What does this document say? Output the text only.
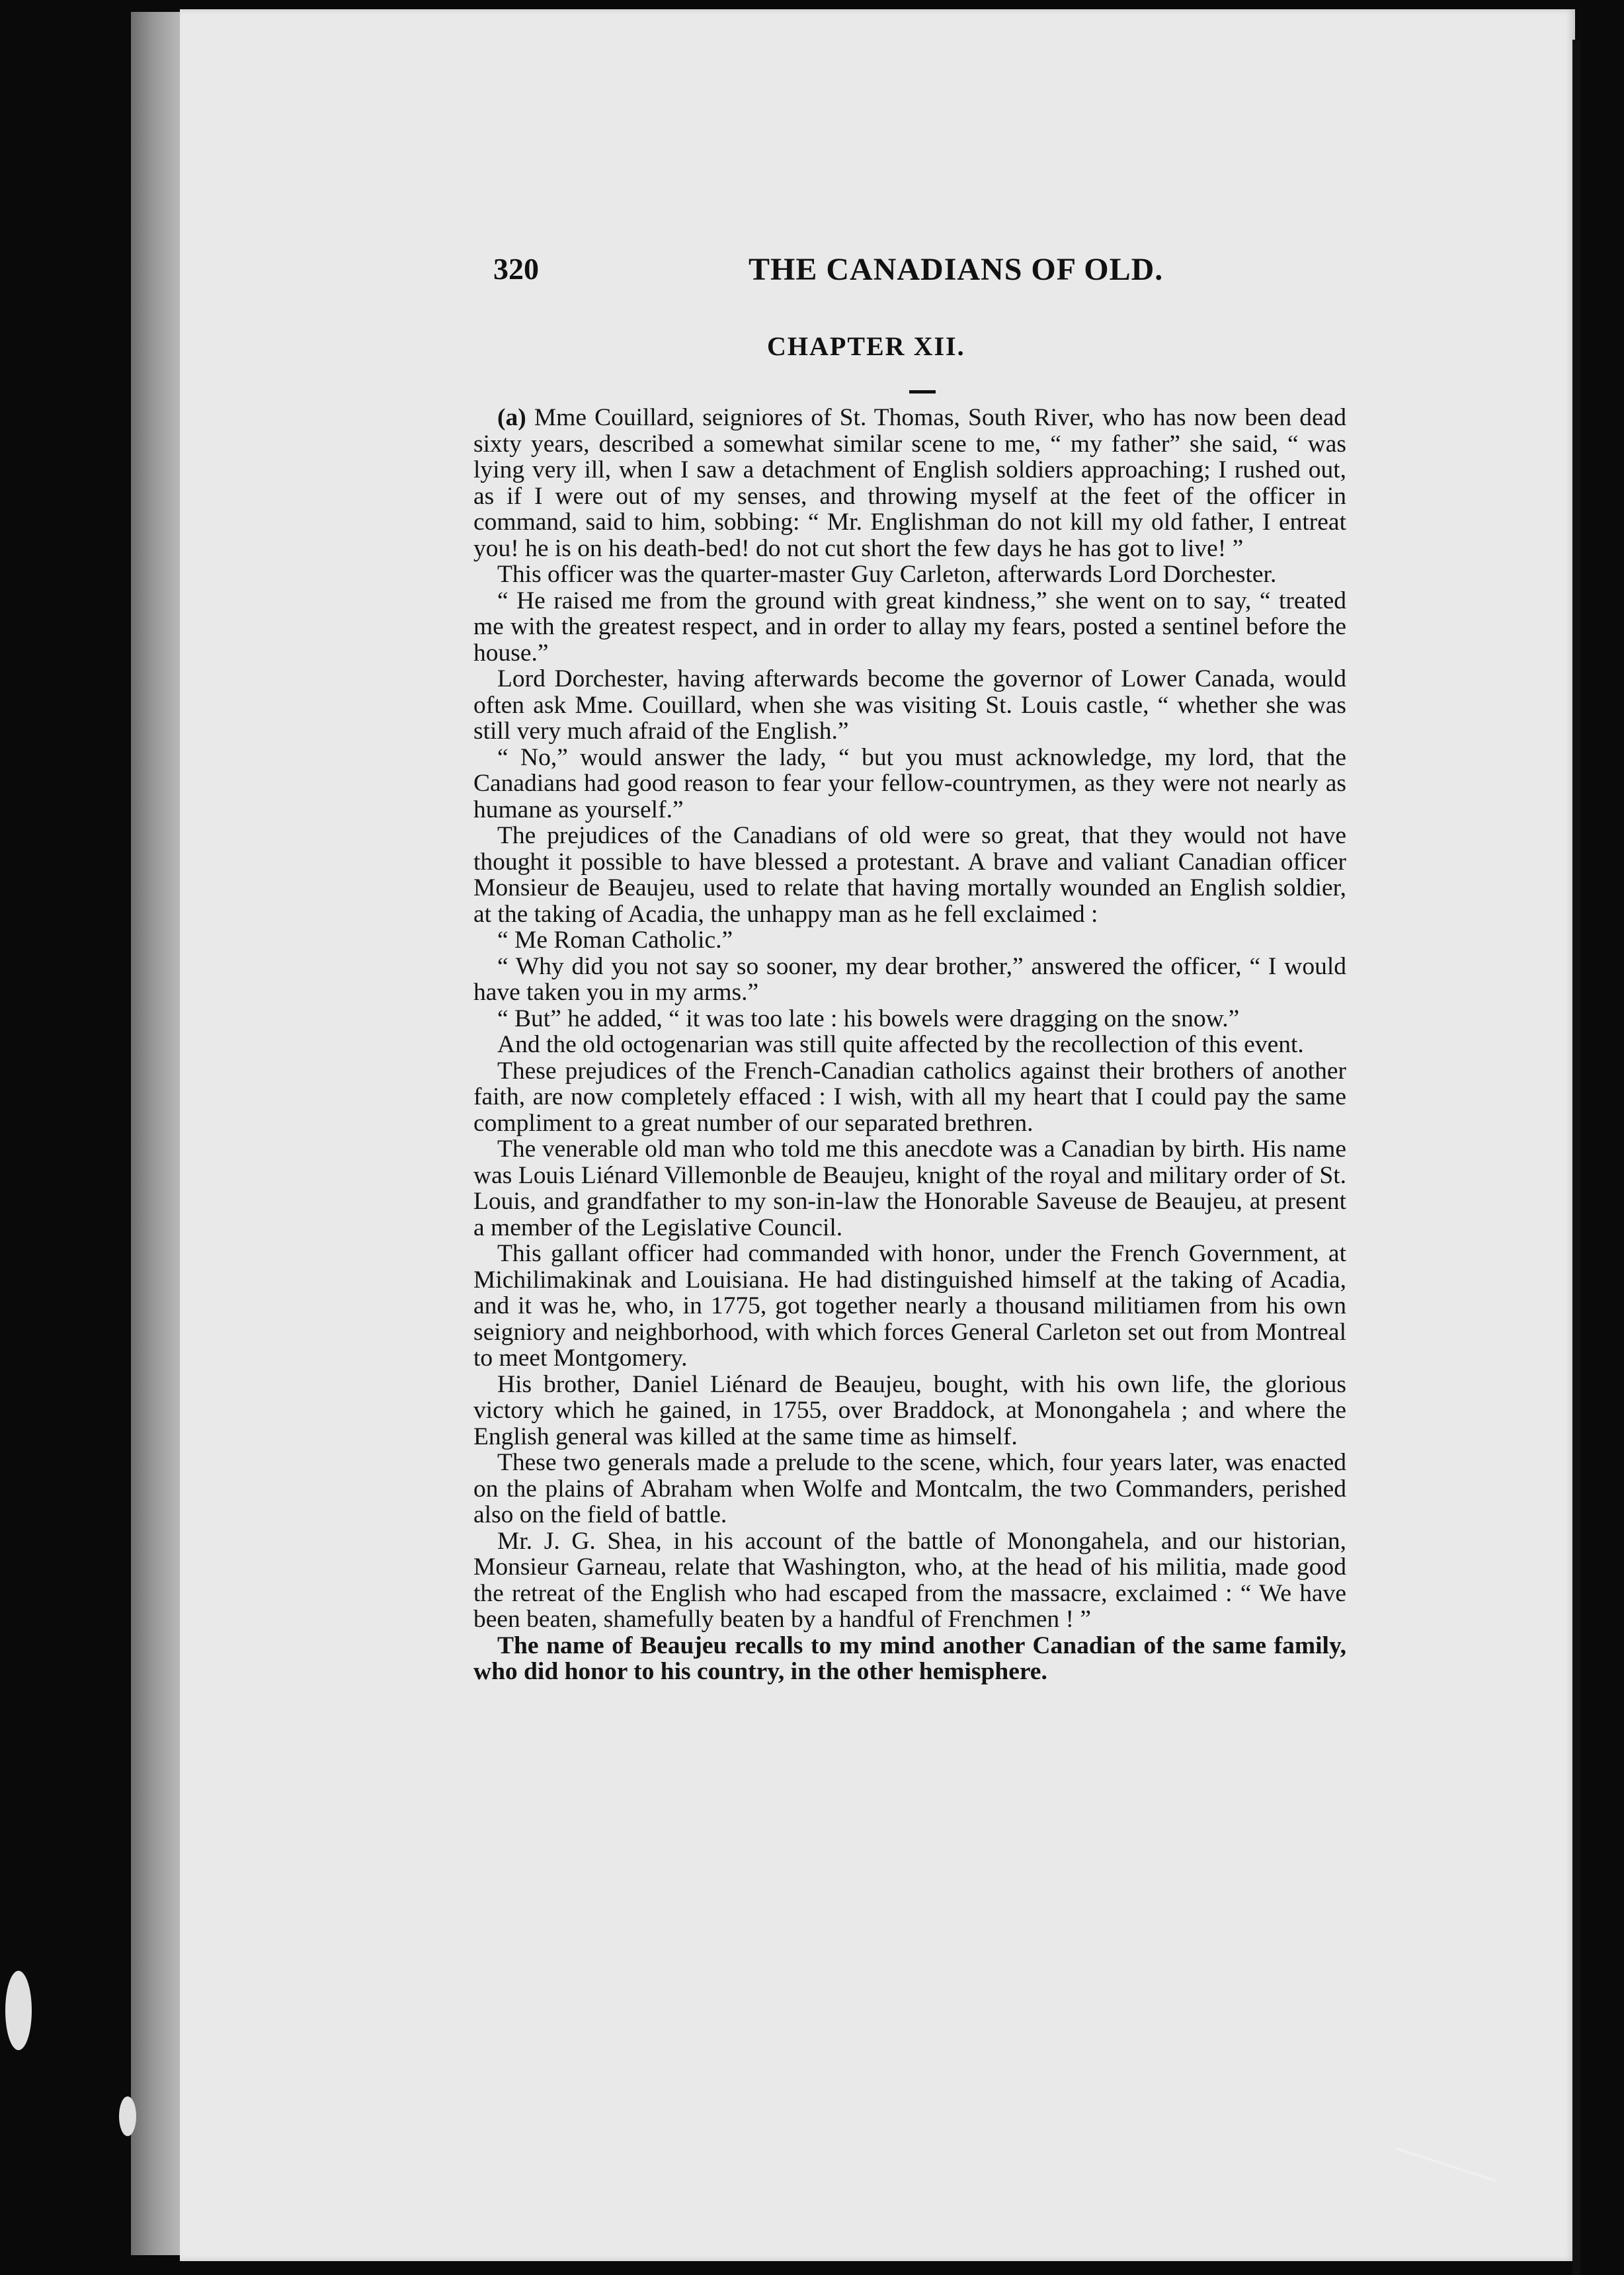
320	THE CANADIANS OF OLD.
CHAPTER XII.

(a) Mme Couillard, seigniores of St. Thomas, South River, who has now been dead sixty years, described a somewhat similar scene to me, “ my father” she said, “ was lying very ill, when I saw a detachment of English soldiers approaching; I rushed out, as if I were out of my senses, and throwing myself at the feet of the officer in command, said to him, sobbing: “ Mr. Englishman do not kill my old father, I entreat you! he is on his death-bed! do not cut short the few days he has got to live! ”

This officer was the quarter-master Guy Carleton, afterwards Lord Dorchester.

“ He raised me from the ground with great kindness,” she went on to say, “ treated me with the greatest respect, and in order to allay my fears, posted a sentinel before the house.”

Lord Dorchester, having afterwards become the governor of Lower Canada, would often ask Mme. Couillard, when she was visiting St. Louis castle, “ whether she was still very much afraid of the English.”

“ No,” would answer the lady, “ but you must acknowledge, my lord, that the Canadians had good reason to fear your fellow-countrymen, as they were not nearly as humane as yourself.”

The prejudices of the Canadians of old were so great, that they would not have thought it possible to have blessed a protestant. A brave and valiant Canadian officer Monsieur de Beaujeu, used to relate that having mortally wounded an English soldier, at the taking of Acadia, the unhappy man as he fell exclaimed :

“ Me Roman Catholic.”

“ Why did you not say so sooner, my dear brother,” answered the officer, “ I would have taken you in my arms.”

“ But” he added, “ it was too late : his bowels were dragging on the snow.”

And the old octogenarian was still quite affected by the recollection of this event.

These prejudices of the French-Canadian catholics against their brothers of another faith, are now completely effaced : I wish, with all my heart that I could pay the same compliment to a great number of our separated brethren.

The venerable old man who told me this anecdote was a Canadian by birth. His name was Louis Liénard Villemonble de Beaujeu, knight of the royal and military order of St. Louis, and grandfather to my son-in-law the Honorable Saveuse de Beaujeu, at present a member of the Legislative Council.

This gallant officer had commanded with honor, under the French Government, at Michilimakinak and Louisiana. He had distinguished himself at the taking of Acadia, and it was he, who, in 1775, got together nearly a thousand militiamen from his own seigniory and neighborhood, with which forces General Carleton set out from Montreal to meet Montgomery.

His brother, Daniel Liénard de Beaujeu, bought, with his own life, the glorious victory which he gained, in 1755, over Braddock, at Monongahela ; and where the English general was killed at the same time as himself.

These two generals made a prelude to the scene, which, four years later, was enacted on the plains of Abraham when Wolfe and Montcalm, the two Commanders, perished also on the field of battle.

Mr. J. G. Shea, in his account of the battle of Monongahela, and our historian, Monsieur Garneau, relate that Washington, who, at the head of his militia, made good the retreat of the English who had escaped from the massacre, exclaimed : “ We have been beaten, shamefully beaten by a handful of Frenchmen ! ”

The name of Beaujeu recalls to my mind another Canadian of the same family, who did honor to his country, in the other hemisphere.
